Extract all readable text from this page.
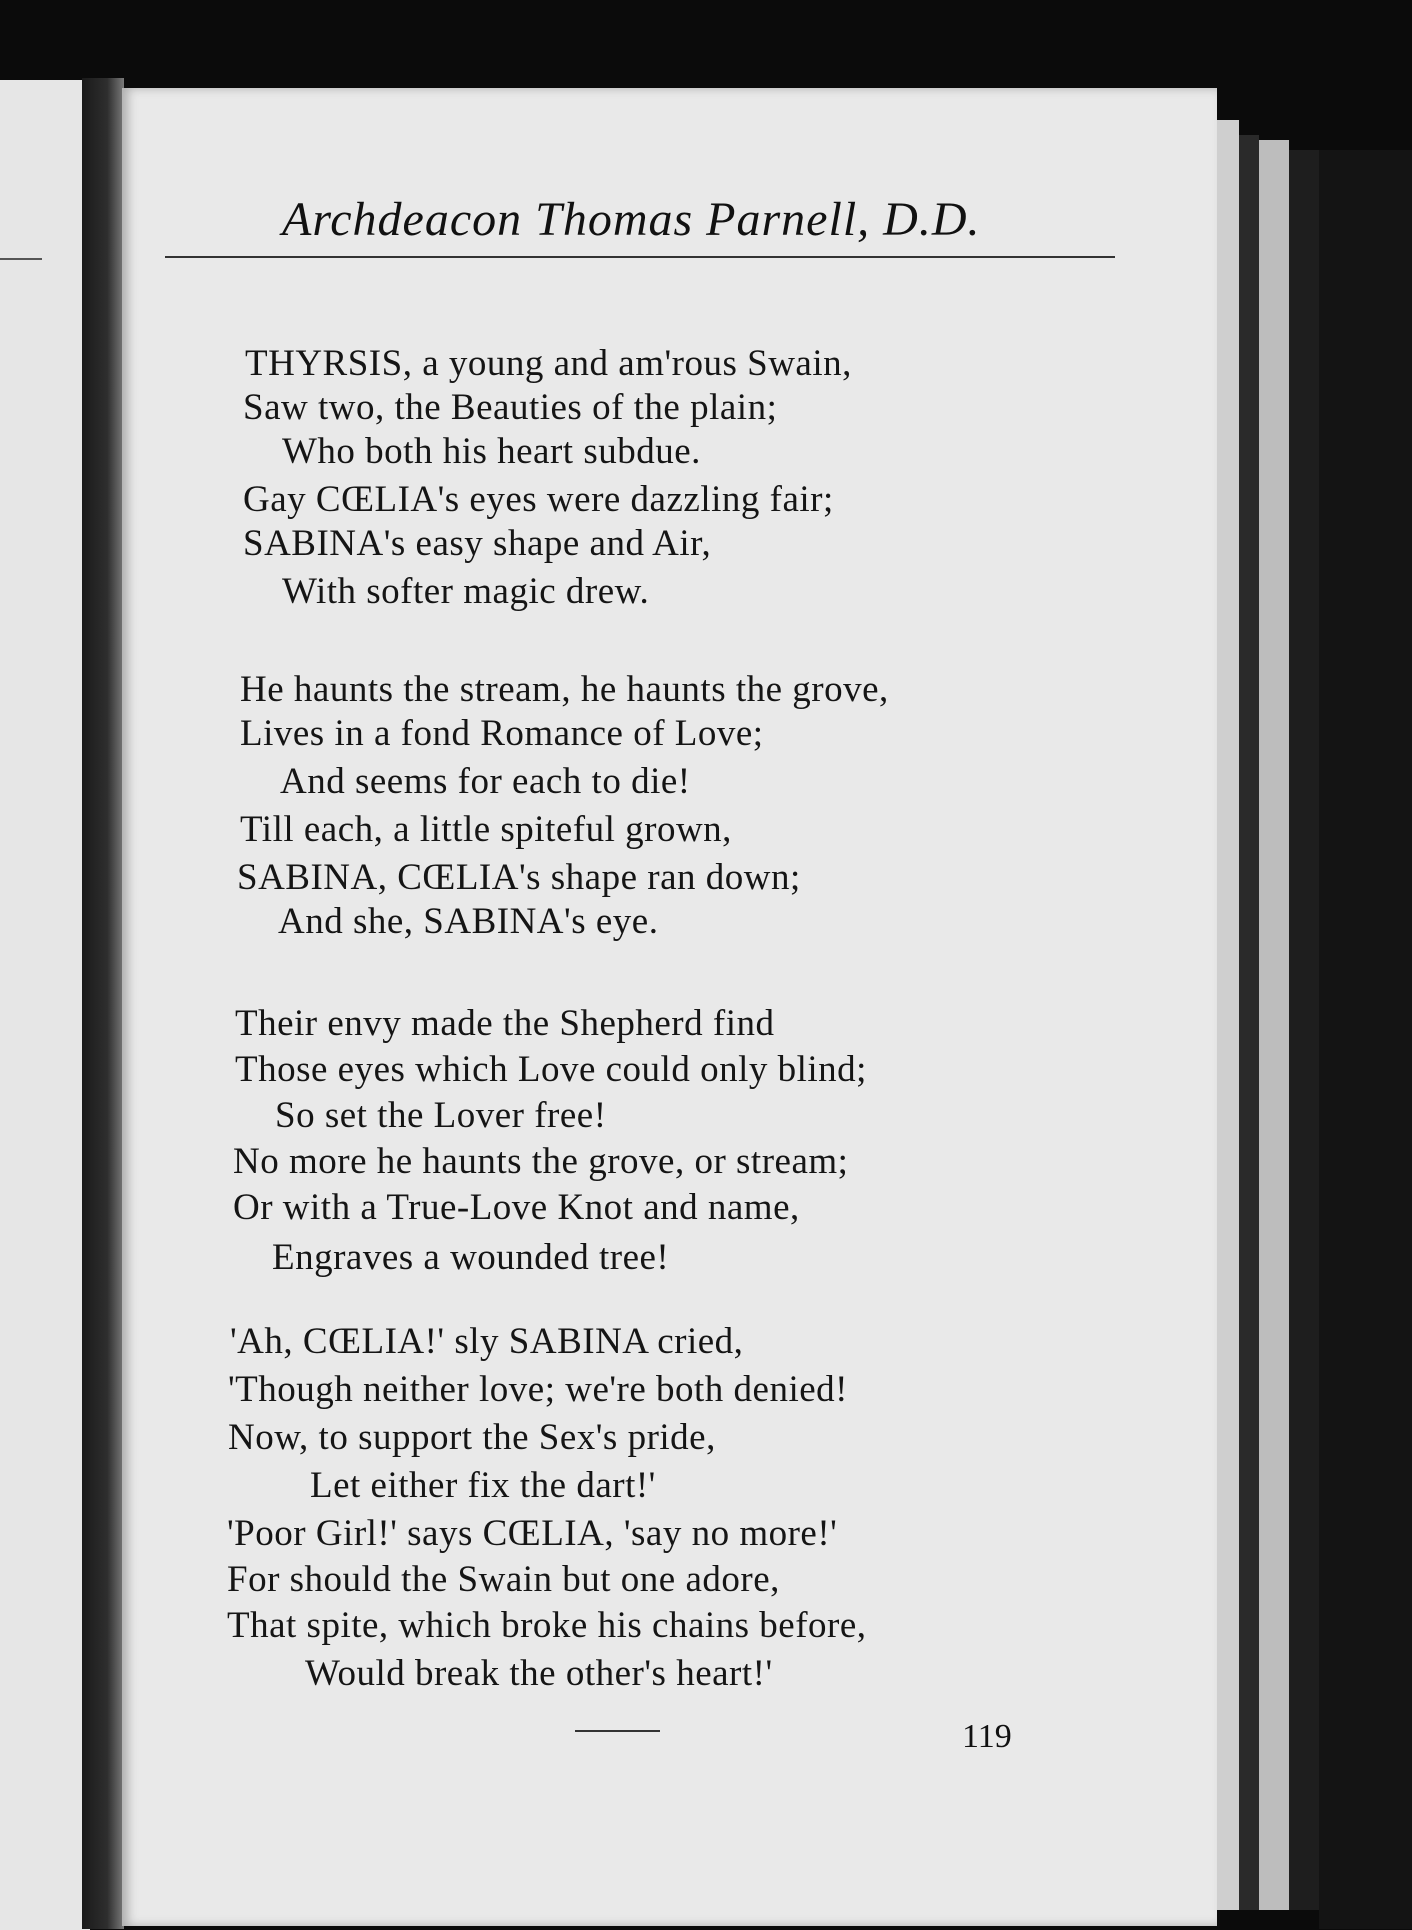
Archdeacon Thomas Parnell, D.D.
THYRSIS, a young and am'rous Swain,
Saw two, the Beauties of the plain;
Who both his heart subdue.
Gay CŒLIA's eyes were dazzling fair;
SABINA's easy shape and Air,
With softer magic drew.
He haunts the stream, he haunts the grove,
Lives in a fond Romance of Love;
And seems for each to die!
Till each, a little spiteful grown,
SABINA, CŒLIA's shape ran down;
And she, SABINA's eye.
Their envy made the Shepherd find
Those eyes which Love could only blind;
So set the Lover free!
No more he haunts the grove, or stream;
Or with a True-Love Knot and name,
Engraves a wounded tree!
'Ah, CŒLIA!' sly SABINA cried,
'Though neither love; we're both denied!
Now, to support the Sex's pride,
Let either fix the dart!'
'Poor Girl!' says CŒLIA, 'say no more!'
For should the Swain but one adore,
That spite, which broke his chains before,
Would break the other's heart!'
119
